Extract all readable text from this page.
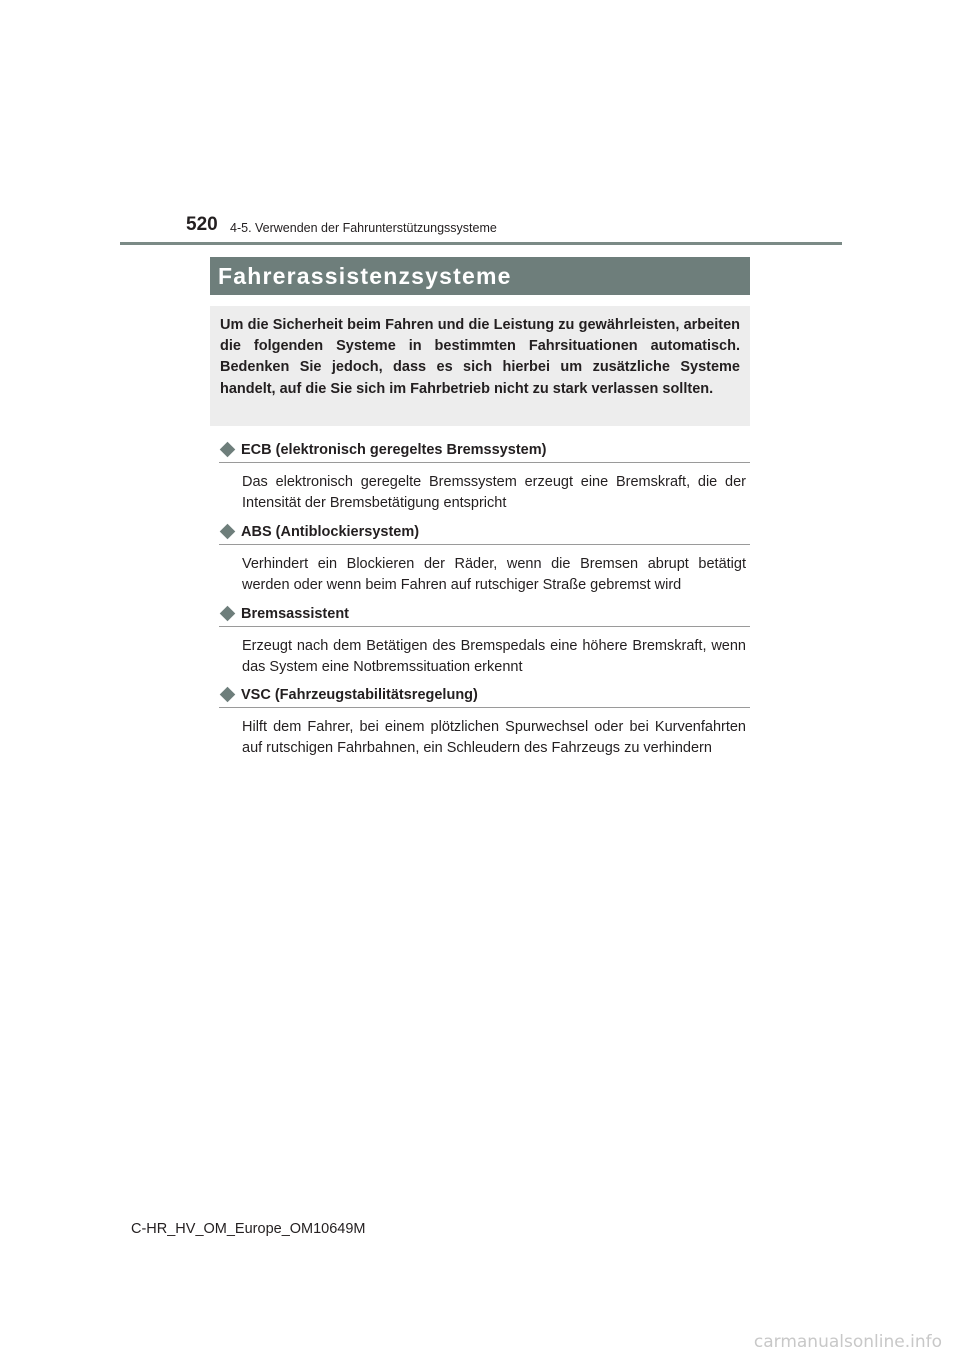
520 4-5. Verwenden der Fahrunterstützungssysteme
Fahrerassistenzsysteme
Um die Sicherheit beim Fahren und die Leistung zu gewährleisten, arbeiten die folgenden Systeme in bestimmten Fahrsituationen automatisch. Bedenken Sie jedoch, dass es sich hierbei um zusätzliche Systeme handelt, auf die Sie sich im Fahrbetrieb nicht zu stark verlassen sollten.
ECB (elektronisch geregeltes Bremssystem)
Das elektronisch geregelte Bremssystem erzeugt eine Bremskraft, die der Intensität der Bremsbetätigung entspricht
ABS (Antiblockiersystem)
Verhindert ein Blockieren der Räder, wenn die Bremsen abrupt betätigt werden oder wenn beim Fahren auf rutschiger Straße gebremst wird
Bremsassistent
Erzeugt nach dem Betätigen des Bremspedals eine höhere Bremskraft, wenn das System eine Notbremssituation erkennt
VSC (Fahrzeugstabilitätsregelung)
Hilft dem Fahrer, bei einem plötzlichen Spurwechsel oder bei Kurvenfahrten auf rutschigen Fahrbahnen, ein Schleudern des Fahrzeugs zu verhindern
C-HR_HV_OM_Europe_OM10649M
carmanualsonline.info
